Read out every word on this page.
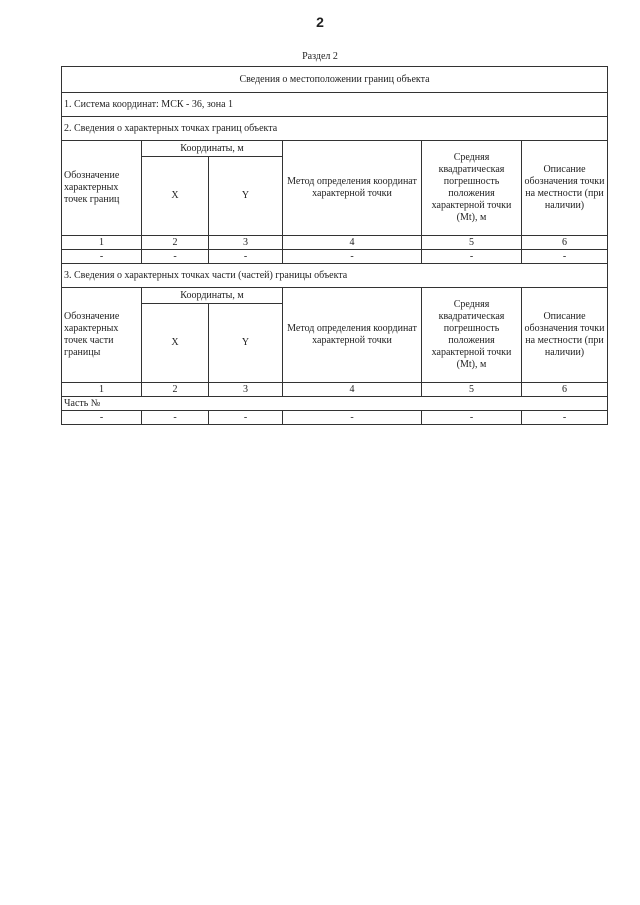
2
Раздел 2
Сведения о местоположении границ объекта					
1. Система координат: МСК - 36, зона 1					
2. Сведения о характерных точках границ объекта					
Обозначение характерных точек границ	Координаты, м		Метод определения координат характерной точки	Средняя квадратическая погрешность положения характерной точки (Mt), м	Описание обозначения точки на местности (при наличии)
	X	Y			
1	2	3	4	5	6
-	-	-	-	-	-
3. Сведения о характерных точках части (частей) границы объекта					
Обозначение характерных точек части границы	Координаты, м		Метод определения координат характерной точки	Средняя квадратическая погрешность положения характерной точки (Mt), м	Описание обозначения точки на местности (при наличии)
	X	Y			
1	2	3	4	5	6
Часть №					
-	-	-	-	-	-
